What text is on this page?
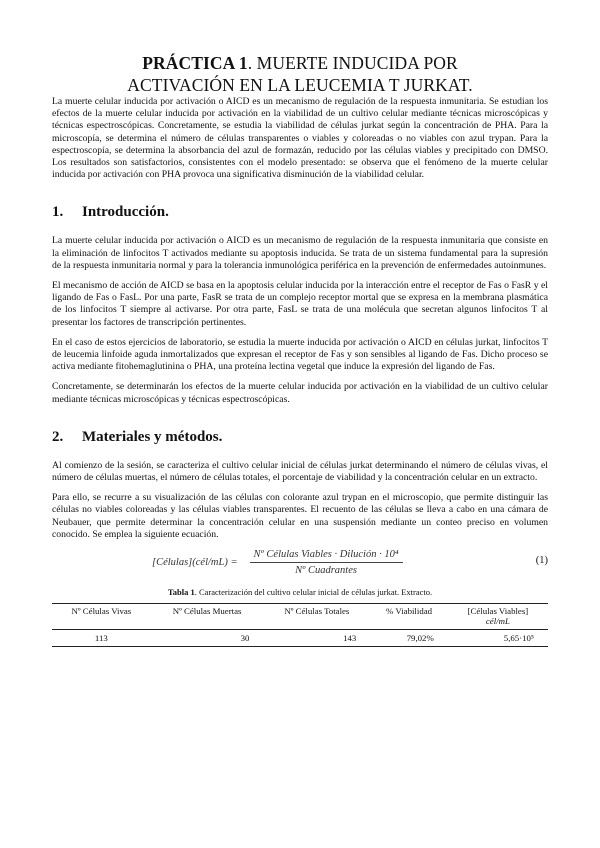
PRÁCTICA 1. MUERTE INDUCIDA POR
ACTIVACIÓN EN LA LEUCEMIA T JURKAT.

La muerte celular inducida por activación o AICD es un mecanismo de regulación de la respuesta inmunitaria. Se estudian los efectos de la muerte celular inducida por activación en la viabilidad de un cultivo celular mediante técnicas microscópicas y técnicas espectroscópicas. Concretamente, se estudia la viabilidad de células jurkat según la concentración de PHA. Para la microscopía, se determina el número de células transparentes o viables y coloreadas o no viables con azul trypan. Para la espectroscopía, se determina la absorbancia del azul de formazán, reducido por las células viables y precipitado con DMSO. Los resultados son satisfactorios, consistentes con el modelo presentado: se observa que el fenómeno de la muerte celular inducida por activación con PHA provoca una significativa disminución de la viabilidad celular.

1. Introducción.

La muerte celular inducida por activación o AICD es un mecanismo de regulación de la respuesta inmunitaria que consiste en la eliminación de linfocitos T activados mediante su apoptosis inducida. Se trata de un sistema fundamental para la supresión de la respuesta inmunitaria normal y para la tolerancia inmunológica periférica en la prevención de enfermedades autoinmunes.

El mecanismo de acción de AICD se basa en la apoptosis celular inducida por la interacción entre el receptor de Fas o FasR y el ligando de Fas o FasL. Por una parte, FasR se trata de un complejo receptor mortal que se expresa en la membrana plasmática de los linfocitos T siempre al activarse. Por otra parte, FasL se trata de una molécula que secretan algunos linfocitos T al presentar los factores de transcripción pertinentes.

En el caso de estos ejercicios de laboratorio, se estudia la muerte inducida por activación o AICD en células jurkat, linfocitos T de leucemia linfoide aguda inmortalizados que expresan el receptor de Fas y son sensibles al ligando de Fas. Dicho proceso se activa mediante fitohemaglutinina o PHA, una proteína lectina vegetal que induce la expresión del ligando de Fas.

Concretamente, se determinarán los efectos de la muerte celular inducida por activación en la viabilidad de un cultivo celular mediante técnicas microscópicas y técnicas espectroscópicas.

2. Materiales y métodos.

Al comienzo de la sesión, se caracteriza el cultivo celular inicial de células jurkat determinando el número de células vivas, el número de células muertas, el número de células totales, el porcentaje de viabilidad y la concentración celular en un extracto.

Para ello, se recurre a su visualización de las células con colorante azul trypan en el microscopio, que permite distinguir las células no viables coloreadas y las células viables transparentes. El recuento de las células se lleva a cabo en una cámara de Neubauer, que permite determinar la concentración celular en una suspensión mediante un conteo preciso en volumen conocido. Se emplea la siguiente ecuación.

[Células](cél/mL) = $\frac{\text{Nº Células Viables · Dilución · 10⁴}}{\text{Nº Cuadrantes}}$	(1)
Tabla 1. Caracterización del cultivo celular inicial de células jurkat. Extracto.
Nº Células Vivas	Nº Células Muertas	Nº Células Totales	% Viabilidad	[Células Viables]
cél/mL

113	30	143	79,02%	5,65·10⁵
